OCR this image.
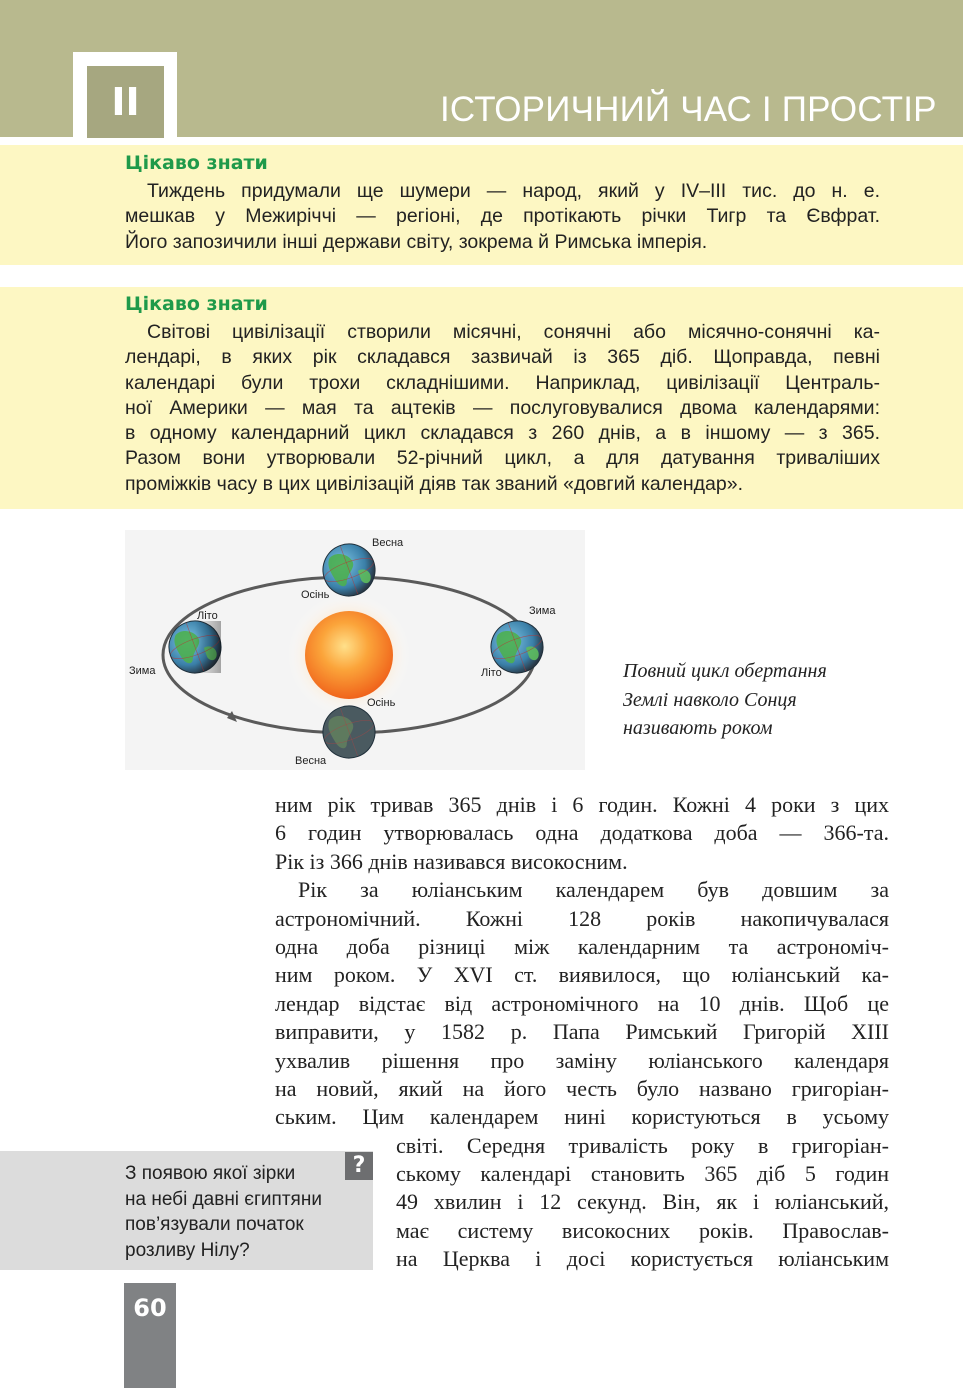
II	ІСТОРИЧНИЙ ЧАС І ПРОСТІР
Цікаво знати
Тиждень придумали ще шумери — народ, який у IV–III тис. до н. е.
мешкав у Межиріччі — регіоні, де протікають річки Тигр та Євфрат.
Його запозичили інші держави світу, зокрема й Римська імперія.
Цікаво знати
Світові цивілізації створили місячні, сонячні або місячно-сонячні ка-
лендарі, в яких рік складався зазвичай із 365 діб. Щоправда, певні
календарі були трохи складнішими. Наприклад, цивілізації Централь-
ної Америки — мая та ацтеків — послуговувалися двома календарями:
в одному календарний цикл складався з 260 днів, а в іншому — з 365.
Разом вони утворювали 52-річний цикл, а для датування триваліших
проміжків часу в цих цивілізацій діяв так званий «довгий календар».
Весна
Осінь
Літо
Зима
Зима
Літо
Осінь
Весна
Повний цикл обертання
Землі навколо Сонця
називають роком
ним рік тривав 365 днів і 6 годин. Кожні 4 роки з цих
6 годин утворювалась одна додаткова доба — 366-та.
Рік із 366 днів називався високосним.
Рік за юліанським календарем був довшим за
астрономічний. Кожні 128 років накопичувалася
одна доба різниці між календарним та астрономіч-
ним роком. У XVI ст. виявилося, що юліанський ка-
лендар відстає від астрономічного на 10 днів. Щоб це
виправити, у 1582 р. Папа Римський Григорій XIII
ухвалив рішення про заміну юліанського календаря
на новий, який на його честь було названо григоріан-
ським. Цим календарем нині користуються в усьому
світі. Середня тривалість року в григоріан-
ському календарі становить 365 діб 5 годин
49 хвилин і 12 секунд. Він, як і юліанський,
має систему високосних років. Православ-
на Церква і досі користується юліанським
?
З появою якої зірки
на небі давні єгиптяни
пов’язували початок
розливу Нілу?
60
